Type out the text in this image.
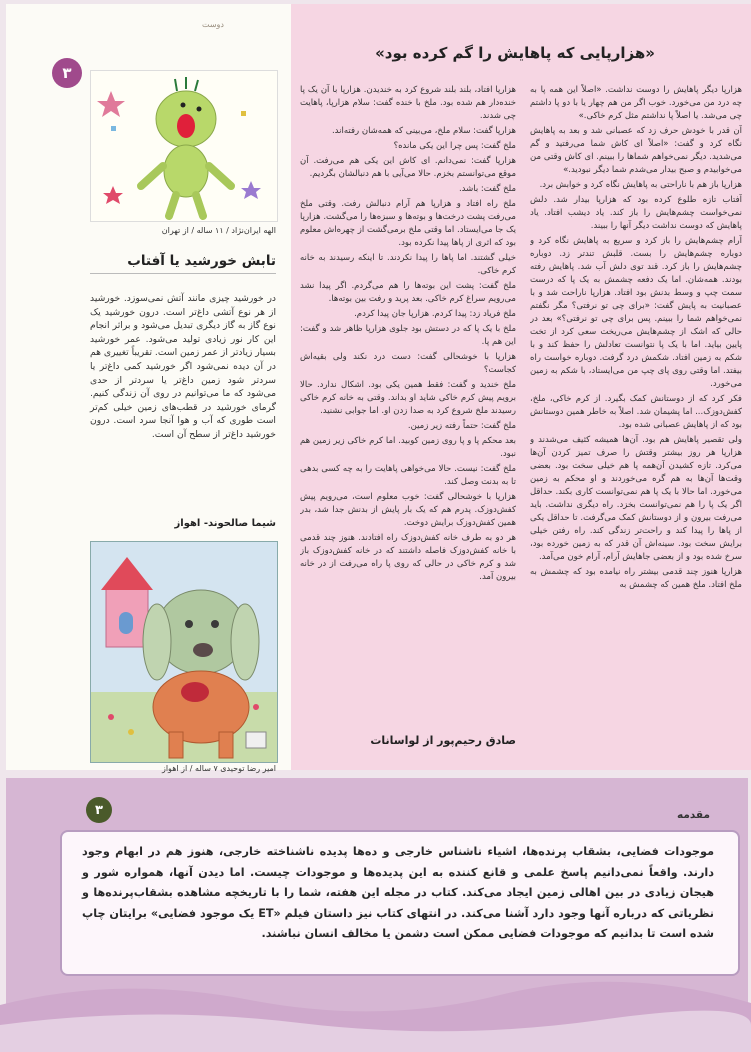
«هزارپایی که پاهایش را گم کرده بود»

هزارپا دیگر پاهایش را دوست نداشت. «اصلاً این همه پا به چه درد من می‌خورد. خوب اگر من هم چهار یا با دو پا داشتم چی می‌شد. یا اصلاً پا نداشتم مثل کرم خاکی.»

آن قدر با خودش حرف زد که عصبانی شد و بعد به پاهایش نگاه کرد و گفت: «اصلاً ای کاش شما می‌رفتید و گم می‌شدید. دیگر نمی‌خواهم شماها را ببینم. ای کاش وقتی من می‌خوابیدم و صبح بیدار می‌شدم شما دیگر نبودید.»

هزارپا باز هم با ناراحتی به پاهایش نگاه کرد و خوابش برد.

آفتاب تازه طلوع کرده بود که هزارپا بیدار شد. دلش نمی‌خواست چشم‌هایش را باز کند. یاد دیشب افتاد. یاد پاهایش که دوست نداشت دیگر آنها را ببیند.

آرام چشم‌هایش را باز کرد و سریع به پاهایش نگاه کرد و دوباره چشم‌هایش را بست. قلبش تندتر زد. دوباره چشم‌هایش را باز کرد. قند توی دلش آب شد. پاهایش رفته بودند. همه‌شان. اما یک دفعه چشمش به یک پا که درست سمت چپ و وسط بدنش بود افتاد. هزارپا ناراحت شد و با عصبانیت به پایش گفت: «برای چی تو نرفتی؟ مگر نگفتم نمی‌خواهم شما را ببینم. پس برای چی تو نرفتی؟» بعد در حالی که اشک از چشم‌هایش می‌ریخت سعی کرد از تخت پایین بیاید. اما با یک پا نتوانست تعادلش را حفظ کند و با شکم به زمین افتاد. شکمش درد گرفت. دوباره خواست راه بیفتد. اما وقتی روی پای چپ من می‌ایستاد، با شکم به زمین می‌خورد.

فکر کرد که از دوستانش کمک بگیرد. از کرم خاکی، ملخ، کفش‌دوزک... اما پشیمان شد. اصلاً به خاطر همین دوستانش بود که از پاهایش عصبانی شده بود.

ولی تقصیر پاهایش هم بود. آن‌ها همیشه کثیف می‌شدند و هزارپا هر روز بیشتر وقتش را صرف تمیز کردن آن‌ها می‌کرد. تازه کشیدن آن‌همه پا هم خیلی سخت بود. بعضی وقت‌ها آن‌ها به هم گره می‌خوردند و او محکم به زمین می‌خورد. اما حالا با یک پا هم نمی‌توانست کاری بکند. حداقل اگر یک پا را هم نمی‌توانست بخزد. راه دیگری نداشت. باید می‌رفت بیرون و از دوستانش کمک می‌گرفت. تا حداقل یکی از پاها را پیدا کند و راحت‌تر زندگی کند. راه رفتن خیلی برایش سخت بود. سینه‌اش آن قدر که به زمین خورده بود، سرخ شده بود و از بعضی جاهایش آرام، آرام خون می‌آمد.

هزارپا هنوز چند قدمی بیشتر راه نیامده بود که چشمش به ملخ افتاد. ملخ همین که چشمش به

هزارپا افتاد، بلند بلند شروع کرد به خندیدن. هزارپا با آن یک پا خنده‌دار هم شده بود. ملخ با خنده گفت: سلام هزارپا، پاهایت چی شدند.

هزارپا گفت: سلام ملخ، می‌بینی که همه‌شان رفته‌اند.

ملخ گفت: پس چرا این یکی مانده؟

هزارپا گفت: نمی‌دانم. ای کاش این یکی هم می‌رفت. آن موقع می‌توانستم بخزم. حالا می‌آیی با هم دنبالشان بگردیم.

ملخ گفت: باشد.

ملخ راه افتاد و هزارپا هم آرام دنبالش رفت. وقتی ملخ می‌رفت پشت درخت‌ها و بوته‌ها و سبزه‌ها را می‌گشت. هزارپا یک جا می‌ایستاد. اما وقتی ملخ برمی‌گشت از چهره‌اش معلوم بود که اثری از پاها پیدا نکرده بود.

خیلی گشتند. اما پاها را پیدا نکردند. تا اینکه رسیدند به خانه کرم خاکی.

ملخ گفت: پشت این بوته‌ها را هم می‌گردم. اگر پیدا نشد می‌رویم سراغ کرم خاکی. بعد پرید و رفت بین بوته‌ها.

ملخ فریاد زد: پیدا کردم. هزارپا جان پیدا کردم.

ملخ با یک پا که در دستش بود جلوی هزارپا ظاهر شد و گفت: این هم پا.

هزارپا با خوشحالی گفت: دست درد نکند ولی بقیه‌اش کجاست؟

ملخ خندید و گفت: فقط همین یکی بود. اشکال ندارد. حالا برویم پیش کرم خاکی شاید او بداند. وقتی به خانه کرم خاکی رسیدند ملخ شروع کرد به صدا زدن او. اما جوابی نشنید.

ملخ گفت: حتماً رفته زیر زمین.

بعد محکم پا و پا روی زمین کوبید. اما کرم خاکی زیر زمین هم نبود.

ملخ گفت: نیست. حالا می‌خواهی پاهایت را به چه کسی بدهی تا به بدنت وصل کند.

هزارپا با خوشحالی گفت: خوب معلوم است، می‌رویم پیش کفش‌دوزک. پدرم هم که یک بار پایش از بدنش جدا شد، بدر همین کفش‌دوزک برایش دوخت.

هر دو به طرف خانه کفش‌دوزک راه افتادند. هنوز چند قدمی با خانه کفش‌دوزک فاصله داشتند که در خانه کفش‌دوزک باز شد و کرم خاکی در حالی که روی پا راه می‌رفت از در خانه بیرون آمد.

صادق رحیم‌پور از لواسانات
دوست
۳
الهه ایران‌نژاد / ۱۱ ساله / از تهران
تابش خورشید یا آفتاب
در خورشید چیزی مانند آتش نمی‌سوزد. خورشید از هر نوع آتشی داغ‌تر است. درون خورشید یک نوع گاز به گاز دیگری تبدیل می‌شود و براثر انجام این کار نور زیادی تولید می‌شود. عمر خورشید بسیار زیادتر از عمر زمین است. تقریباً تغییری هم در آن دیده نمی‌شود اگر خورشید کمی داغ‌تر یا سردتر شود زمین داغ‌تر یا سردتر از حدی می‌شود که ما می‌توانیم در روی آن زندگی کنیم. گرمای خورشید در قطب‌های زمین خیلی کم‌تر است طوری که آب و هوا آنجا سرد است. درون خورشید داغ‌تر از سطح آن است.
شیما صالحوند- اهواز
امیر رضا توحیدی ۷ ساله / از اهواز
۳	مقدمه
موجودات فضایی، بشقاب پرنده‌ها، اشیاء ناشناس خارجی و ده‌ها پدیده ناشناخته خارجی، هنوز هم در ابهام وجود دارند. واقعاً نمی‌دانیم پاسخ علمی و قانع کننده به این پدیده‌ها و موجودات چیست. اما دیدن آنها، همواره شور و هیجان زیادی در بین اهالی زمین ایجاد می‌کند. کتاب در مجله این هفته، شما را با تاریخچه مشاهده بشقاب‌پرنده‌ها و نظریاتی که درباره آنها وجود دارد آشنا می‌کند. در انتهای کتاب نیز داستان فیلم «ET یک موجود فضایی» برایتان چاپ شده است تا بدانیم که موجودات فضایی ممکن است دشمن یا مخالف انسان نباشند.
